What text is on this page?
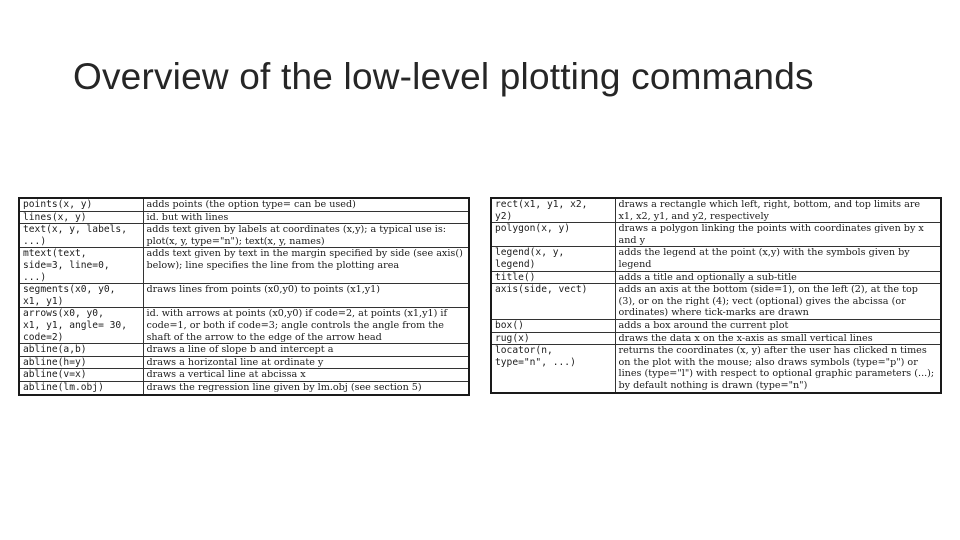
Overview of the low-level plotting commands
points(x, y)	adds points (the option type= can be used)
lines(x, y)	id. but with lines
text(x, y, labels,
...)	adds text given by labels at coordinates (x,y); a typical use is: plot(x, y, type="n"); text(x, y, names)
mtext(text,
side=3, line=0,
...)	adds text given by text in the margin specified by side (see axis() below); line specifies the line from the plotting area
segments(x0, y0,
x1, y1)	draws lines from points (x0,y0) to points (x1,y1)
arrows(x0, y0,
x1, y1, angle= 30,
code=2)	id. with arrows at points (x0,y0) if code=2, at points (x1,y1) if code=1, or both if code=3; angle controls the angle from the shaft of the arrow to the edge of the arrow head
abline(a,b)	draws a line of slope b and intercept a
abline(h=y)	draws a horizontal line at ordinate y
abline(v=x)	draws a vertical line at abcissa x
abline(lm.obj)	draws the regression line given by lm.obj (see section 5)
rect(x1, y1, x2,
y2)	draws a rectangle which left, right, bottom, and top limits are x1, x2, y1, and y2, respectively
polygon(x, y)	draws a polygon linking the points with coordinates given by x and y
legend(x, y,
legend)	adds the legend at the point (x,y) with the symbols given by legend
title()	adds a title and optionally a sub-title
axis(side, vect)	adds an axis at the bottom (side=1), on the left (2), at the top (3), or on the right (4); vect (optional) gives the abcissa (or ordinates) where tick-marks are drawn
box()	adds a box around the current plot
rug(x)	draws the data x on the x-axis as small vertical lines
locator(n,
type="n", ...)	returns the coordinates (x, y) after the user has clicked n times on the plot with the mouse; also draws symbols (type="p") or lines (type="l") with respect to optional graphic parameters (...); by default nothing is drawn (type="n")
